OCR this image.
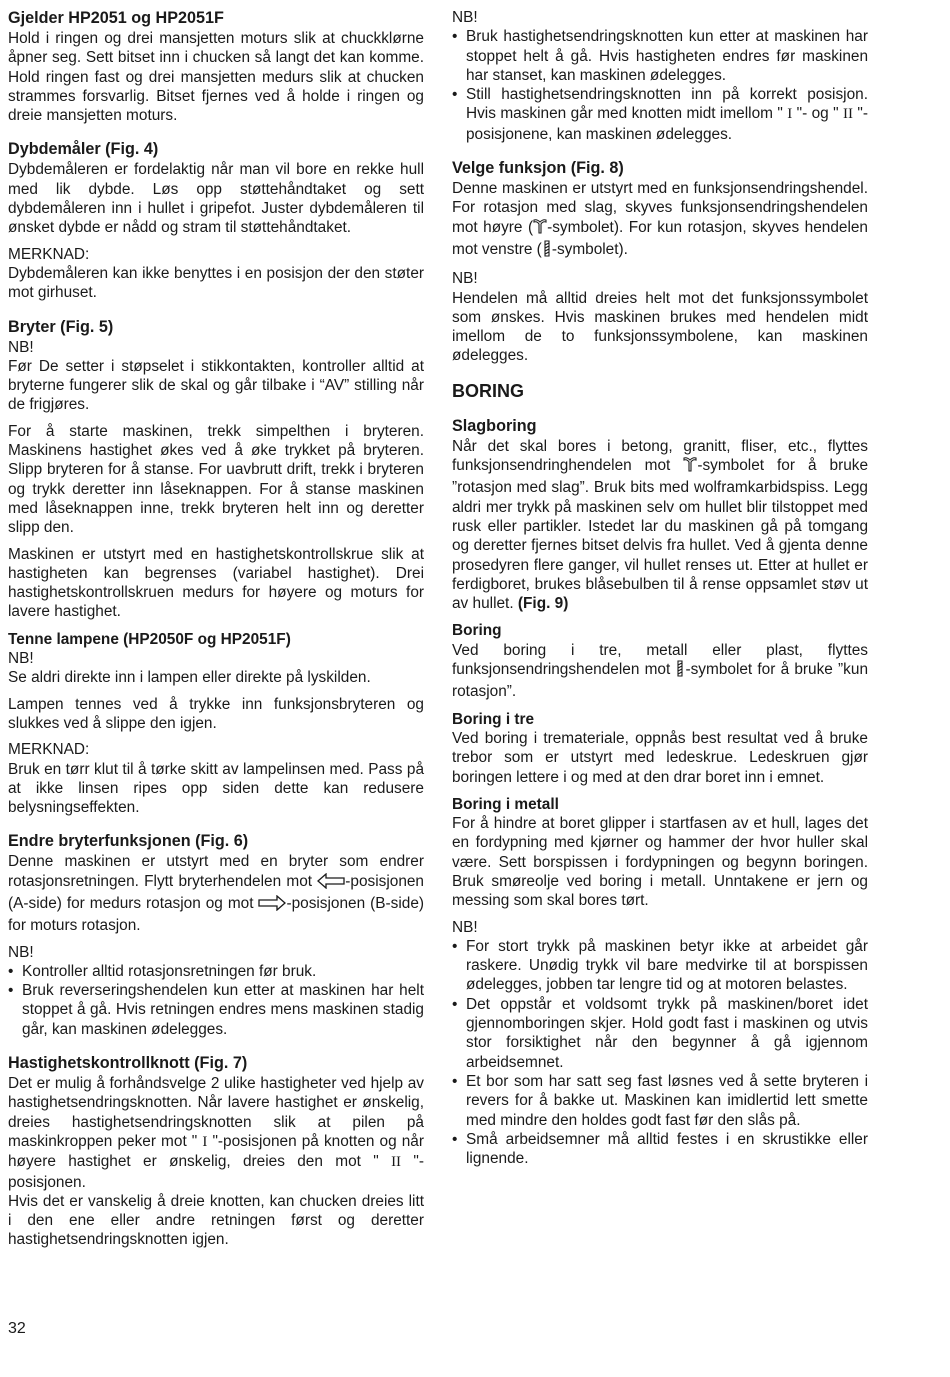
Gjelder HP2051 og HP2051F

Hold i ringen og drei mansjetten moturs slik at chuckklørne åpner seg. Sett bitset inn i chucken så langt det kan komme. Hold ringen fast og drei mansjetten medurs slik at chucken strammes forsvarlig. Bitset fjernes ved å holde i ringen og dreie mansjetten moturs.

Dybdemåler (Fig. 4)

Dybdemåleren er fordelaktig når man vil bore en rekke hull med lik dybde. Løs opp støttehåndtaket og sett dybdemåleren inn i hullet i gripefot. Juster dybdemåleren til ønsket dybde er nådd og stram til støttehåndtaket.

MERKNAD:

Dybdemåleren kan ikke benyttes i en posisjon der den støter mot girhuset.

Bryter (Fig. 5)
NB!

Før De setter i støpselet i stikkontakten, kontroller alltid at bryterne fungerer slik de skal og går tilbake i “AV” stilling når de frigjøres.

For å starte maskinen, trekk simpelthen i bryteren. Maskinens hastighet økes ved å øke trykket på bryteren. Slipp bryteren for å stanse. For uavbrutt drift, trekk i bryteren og trykk deretter inn låseknappen. For å stanse maskinen med låseknappen inne, trekk bryteren helt inn og deretter slipp den.

Maskinen er utstyrt med en hastighetskontrollskrue slik at hastigheten kan begrenses (variabel hastighet). Drei hastighetskontrollskruen medurs for høyere og moturs for lavere hastighet.

Tenne lampene (HP2050F og HP2051F)
NB!

Se aldri direkte inn i lampen eller direkte på lyskilden.

Lampen tennes ved å trykke inn funksjonsbryteren og slukkes ved å slippe den igjen.

MERKNAD:

Bruk en tørr klut til å tørke skitt av lampelinsen med. Pass på at ikke linsen ripes opp siden dette kan redusere belysningseffekten.

Endre bryterfunksjonen (Fig. 6)

Denne maskinen er utstyrt med en bryter som endrer rotasjonsretningen. Flytt bryterhendelen mot -posisjonen (A-side) for medurs rotasjon og mot -posisjonen (B-side) for moturs rotasjon.

NB!
• Kontroller alltid rotasjonsretningen før bruk.
• Bruk reverseringshendelen kun etter at maskinen har helt stoppet å gå. Hvis retningen endres mens maskinen stadig går, kan maskinen ødelegges.
Hastighetskontrollknott (Fig. 7)

Det er mulig å forhåndsvelge 2 ulike hastigheter ved hjelp av hastighetsendringsknotten. Når lavere hastighet er ønskelig, dreies hastighetsendringsknotten slik at pilen på maskinkroppen peker mot " I "-posisjonen på knotten og når høyere hastighet er ønskelig, dreies den mot " II "-posisjonen.

Hvis det er vanskelig å dreie knotten, kan chucken dreies litt i den ene eller andre retningen først og deretter hastighetsendringsknotten igjen.

NB!
• Bruk hastighetsendringsknotten kun etter at maskinen har stoppet helt å gå. Hvis hastigheten endres før maskinen har stanset, kan maskinen ødelegges.
• Still hastighetsendringsknotten inn på korrekt posisjon. Hvis maskinen går med knotten midt imellom " I "- og " II "-posisjonene, kan maskinen ødelegges.
Velge funksjon (Fig. 8)

Denne maskinen er utstyrt med en funksjonsendringshendel. For rotasjon med slag, skyves funksjonsendringshendelen mot høyre ( -symbolet). For kun rotasjon, skyves hendelen mot venstre ( -symbolet).

NB!

Hendelen må alltid dreies helt mot det funksjonssymbolet som ønskes. Hvis maskinen brukes med hendelen midt imellom de to funksjonssymbolene, kan maskinen ødelegges.

BORING
Slagboring

Når det skal bores i betong, granitt, fliser, etc., flyttes funksjonsendringhendelen mot -symbolet for å bruke ”rotasjon med slag”. Bruk bits med wolframkarbidspiss. Legg aldri mer trykk på maskinen selv om hullet blir tilstoppet med rusk eller partikler. Istedet lar du maskinen gå på tomgang og deretter fjernes bitset delvis fra hullet. Ved å gjenta denne prosedyren flere ganger, vil hullet renses ut. Etter at hullet er ferdigboret, brukes blåsebulben til å rense oppsamlet støv ut av hullet. (Fig. 9)

Boring

Ved boring i tre, metall eller plast, flyttes funksjonsendringshendelen mot -symbolet for å bruke ”kun rotasjon”.

Boring i tre

Ved boring i tremateriale, oppnås best resultat ved å bruke trebor som er utstyrt med ledeskrue. Ledeskruen gjør boringen lettere i og med at den drar boret inn i emnet.

Boring i metall

For å hindre at boret glipper i startfasen av et hull, lages det en fordypning med kjørner og hammer der hvor huller skal være. Sett borspissen i fordypningen og begynn boringen. Bruk smøreolje ved boring i metall. Unntakene er jern og messing som skal bores tørt.

NB!
• For stort trykk på maskinen betyr ikke at arbeidet går raskere. Unødig trykk vil bare medvirke til at borspissen ødelegges, jobben tar lengre tid og at motoren belastes.
• Det oppstår et voldsomt trykk på maskinen/boret idet gjennomboringen skjer. Hold godt fast i maskinen og utvis stor forsiktighet når den begynner å gå igjennom arbeidsemnet.
• Et bor som har satt seg fast løsnes ved å sette bryteren i revers for å bakke ut. Maskinen kan imidlertid lett smette med mindre den holdes godt fast før den slås på.
• Små arbeidsemner må alltid festes i en skrustikke eller lignende.
32
